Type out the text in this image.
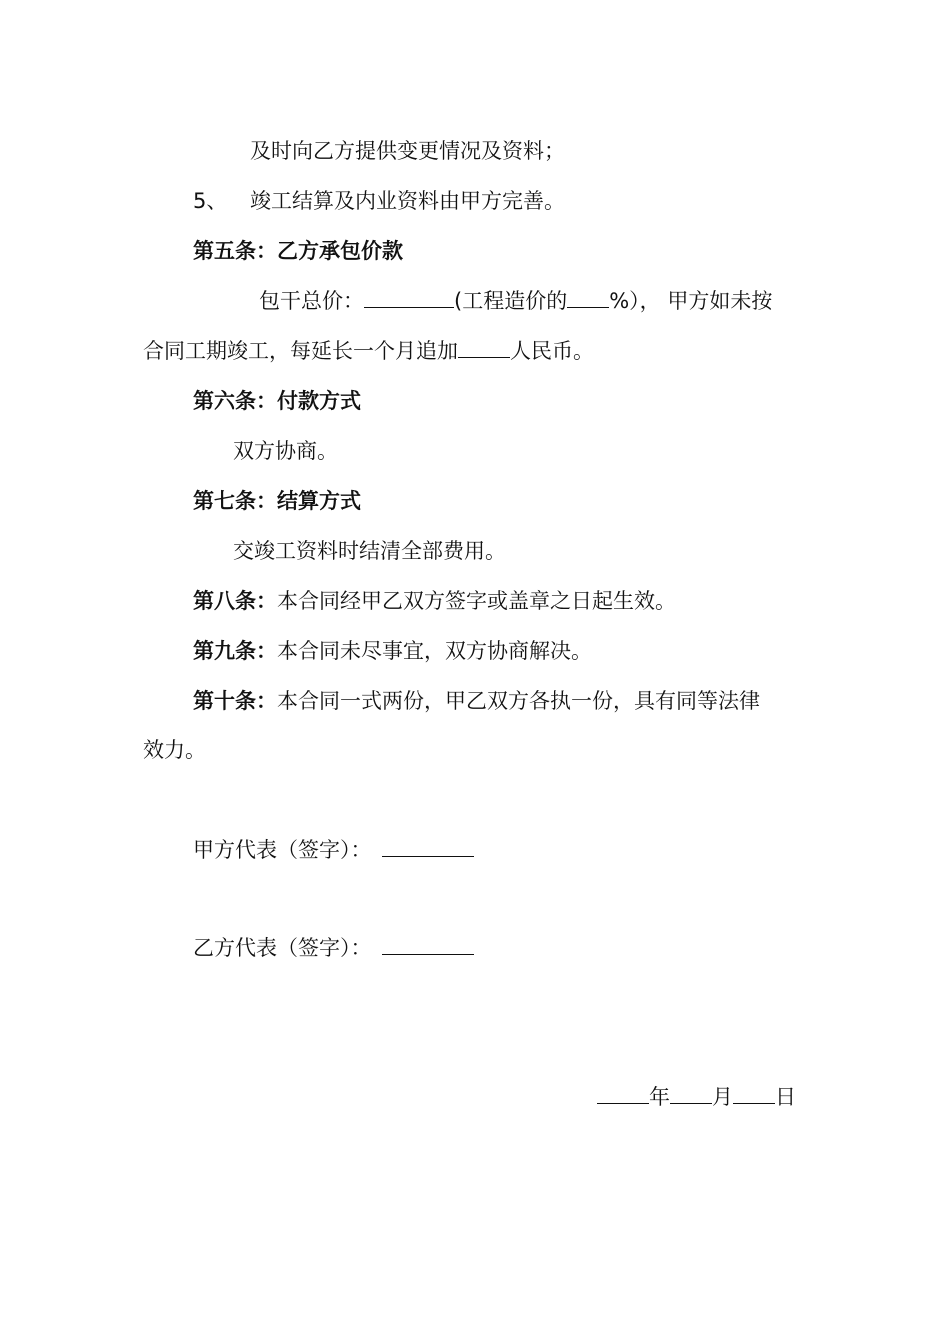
及时向乙方提供变更情况及资料；
5、 竣工结算及内业资料由甲方完善。
第五条：乙方承包价款
包干总价：	(工程造价的 %）， 甲方如未按
合同工期竣工，每延长一个月追加 人民币。
第六条：付款方式
双方协商。
第七条：结算方式
交竣工资料时结清全部费用。
第八条：本合同经甲乙双方签字或盖章之日起生效。
第九条：本合同未尽事宜，双方协商解决。
第十条：本合同一式两份，甲乙双方各执一份，具有同等法律
效力。
甲方代表（签字）：
乙方代表（签字）：
年 月 日
